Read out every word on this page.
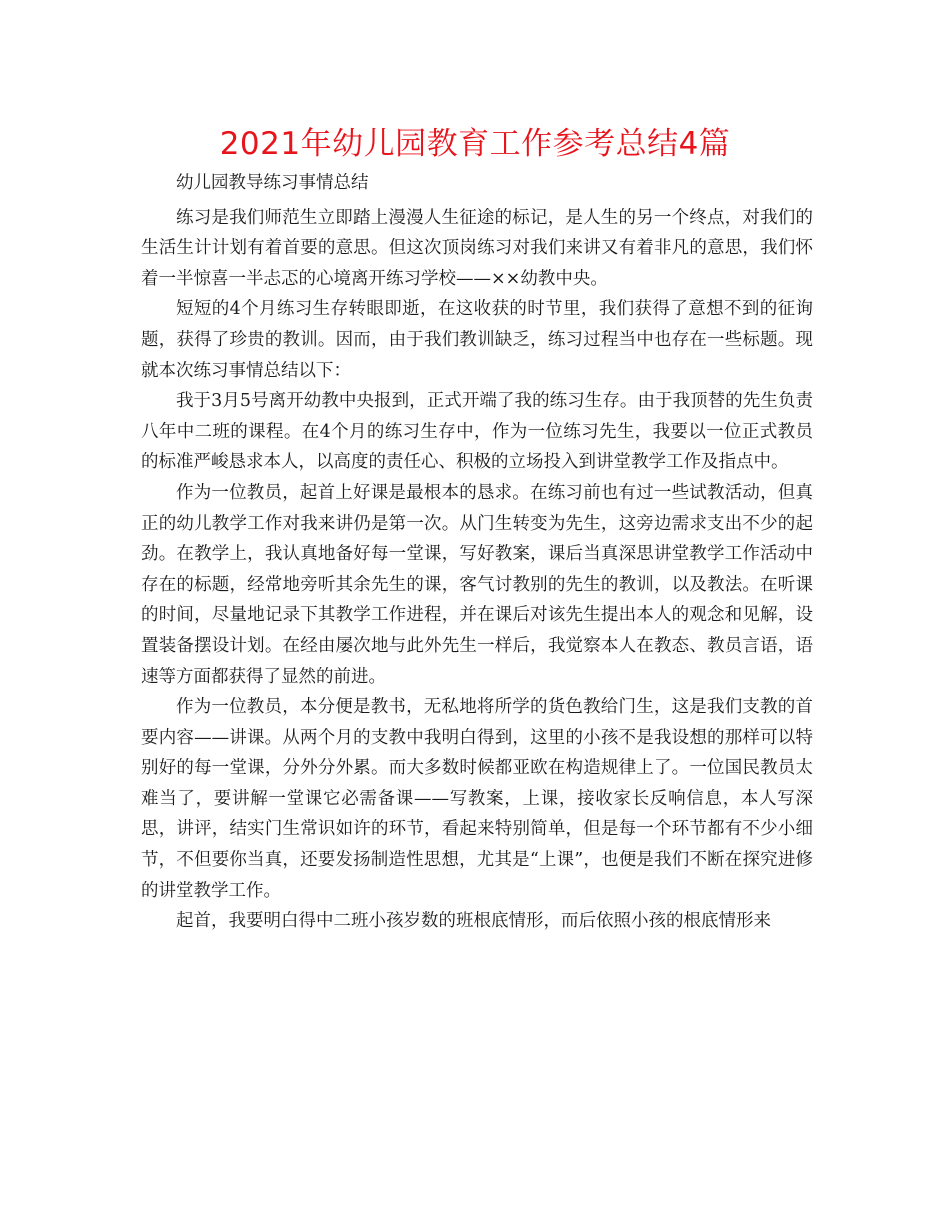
2021年幼儿园教育工作参考总结4篇

幼儿园教导练习事情总结

练习是我们师范生立即踏上漫漫人生征途的标记，是人生的另一个终点，对我们的生活生计计划有着首要的意思。但这次顶岗练习对我们来讲又有着非凡的意思，我们怀着一半惊喜一半忐忑的心境离开练习学校——××幼教中央。

短短的4个月练习生存转眼即逝，在这收获的时节里，我们获得了意想不到的征询题，获得了珍贵的教训。因而，由于我们教训缺乏，练习过程当中也存在一些标题。现就本次练习事情总结以下：

我于3月5号离开幼教中央报到，正式开端了我的练习生存。由于我顶替的先生负责八年中二班的课程。在4个月的练习生存中，作为一位练习先生，我要以一位正式教员的标准严峻恳求本人，以高度的责任心、积极的立场投入到讲堂教学工作及指点中。

作为一位教员，起首上好课是最根本的恳求。在练习前也有过一些试教活动，但真正的幼儿教学工作对我来讲仍是第一次。从门生转变为先生，这旁边需求支出不少的起劲。在教学上，我认真地备好每一堂课，写好教案，课后当真深思讲堂教学工作活动中存在的标题，经常地旁听其余先生的课，客气讨教别的先生的教训，以及教法。在听课的时间，尽量地记录下其教学工作进程，并在课后对该先生提出本人的观念和见解，设置装备摆设计划。在经由屡次地与此外先生一样后，我觉察本人在教态、教员言语，语速等方面都获得了显然的前进。

作为一位教员，本分便是教书，无私地将所学的货色教给门生，这是我们支教的首要内容——讲课。从两个月的支教中我明白得到，这里的小孩不是我设想的那样可以特别好的每一堂课，分外分外累。而大多数时候都亚欧在构造规律上了。一位国民教员太难当了，要讲解一堂课它必需备课——写教案，上课，接收家长反响信息，本人写深思，讲评，结实门生常识如许的环节，看起来特别简单，但是每一个环节都有不少小细节，不但要你当真，还要发扬制造性思想，尤其是“上课”，也便是我们不断在探究进修的讲堂教学工作。

起首，我要明白得中二班小孩岁数的班根底情形，而后依照小孩的根底情形来
